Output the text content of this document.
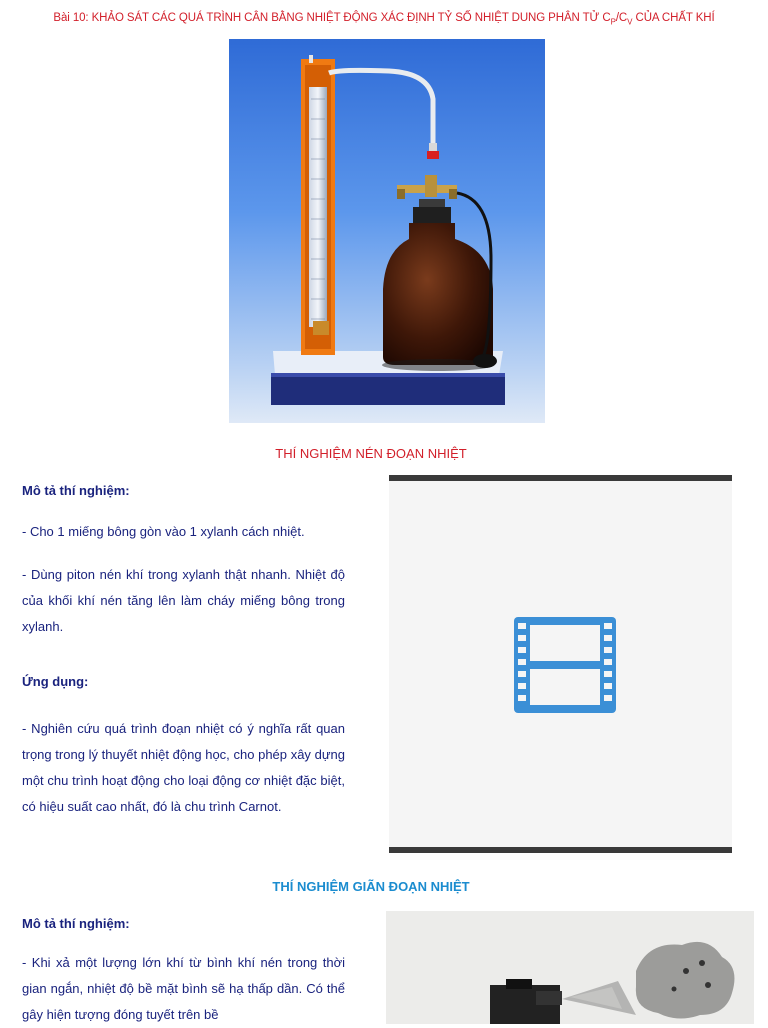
Bài 10: KHẢO SÁT CÁC QUÁ TRÌNH CÂN BẰNG NHIỆT ĐỘNG XÁC ĐỊNH TỶ SỐ NHIỆT DUNG PHÂN TỬ $C_P/C_V$ CỦA CHẤT KHÍ
THÍ NGHIỆM NÉN ĐOẠN NHIỆT
Mô tả thí nghiệm:
- Cho 1 miếng bông gòn vào 1 xylanh cách nhiệt.
- Dùng piton nén khí trong xylanh thật nhanh. Nhiệt độ của khối khí nén tăng lên làm cháy miếng bông trong xylanh.
Ứng dụng:
- Nghiên cứu quá trình đoạn nhiệt có ý nghĩa rất quan trọng trong lý thuyết nhiệt động học, cho phép xây dựng một chu trình hoạt động cho loại động cơ nhiệt đặc biệt, có hiệu suất cao nhất, đó là chu trình Carnot.
THÍ NGHIỆM GIÃN ĐOẠN NHIỆT
Mô tả thí nghiệm:
- Khi xả một lượng lớn khí từ bình khí nén trong thời gian ngắn, nhiệt độ bề mặt bình sẽ hạ thấp dần. Có thể gây hiện tượng đóng tuyết trên bề
